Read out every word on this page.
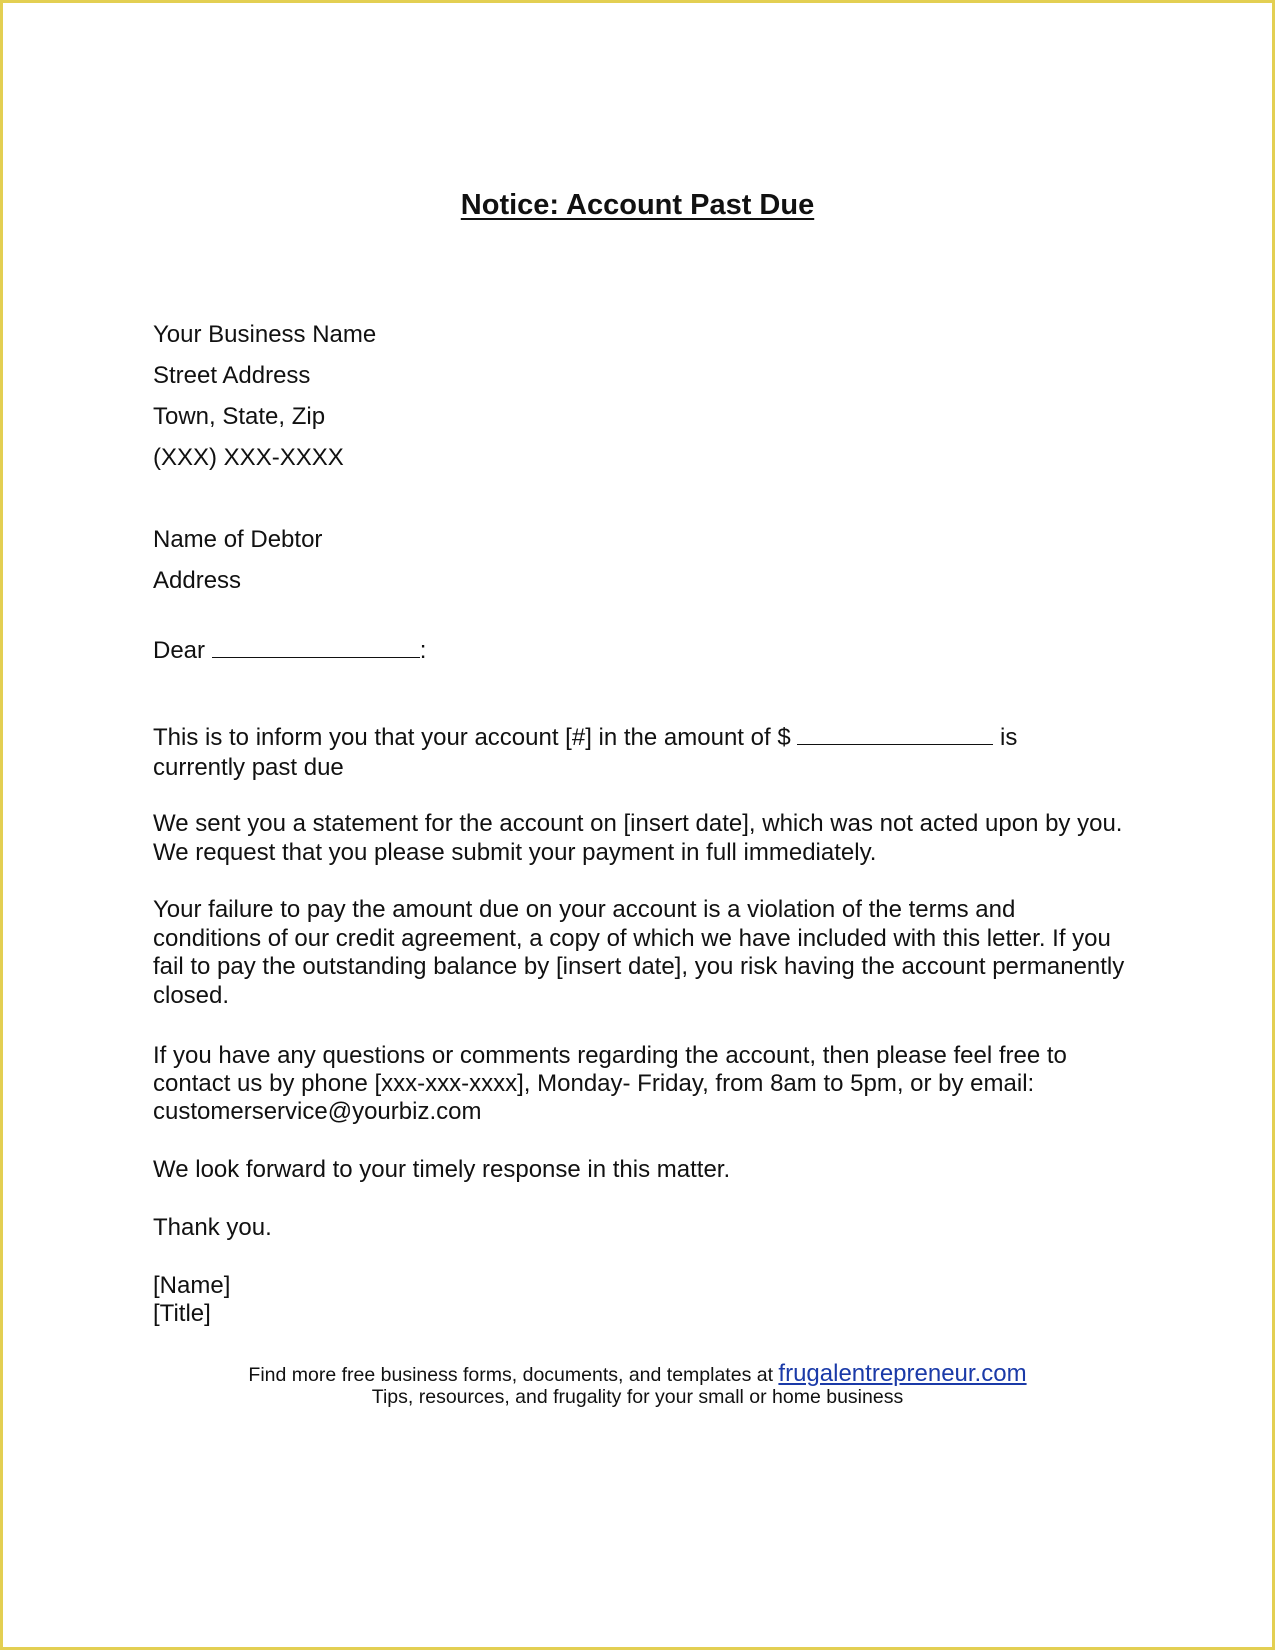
Notice: Account Past Due
Your Business Name
Street Address
Town, State, Zip
(XXX) XXX-XXXX
Name of Debtor
Address
Dear	:
This is to inform you that your account [#] in the amount of $	is
currently past due
We sent you a statement for the account on [insert date], which was not acted upon by you. We request that you please submit your payment in full immediately.
Your failure to pay the amount due on your account is a violation of the terms and conditions of our credit agreement, a copy of which we have included with this letter. If you fail to pay the outstanding balance by [insert date], you risk having the account permanently closed.
If you have any questions or comments regarding the account, then please feel free to
contact us by phone [xxx-xxx-xxxx], Monday- Friday, from 8am to 5pm, or by email:
customerservice@yourbiz.com
We look forward to your timely response in this matter.
Thank you.
[Name]
[Title]
Find more free business forms, documents, and templates at frugalentrepreneur.com
Tips, resources, and frugality for your small or home business
